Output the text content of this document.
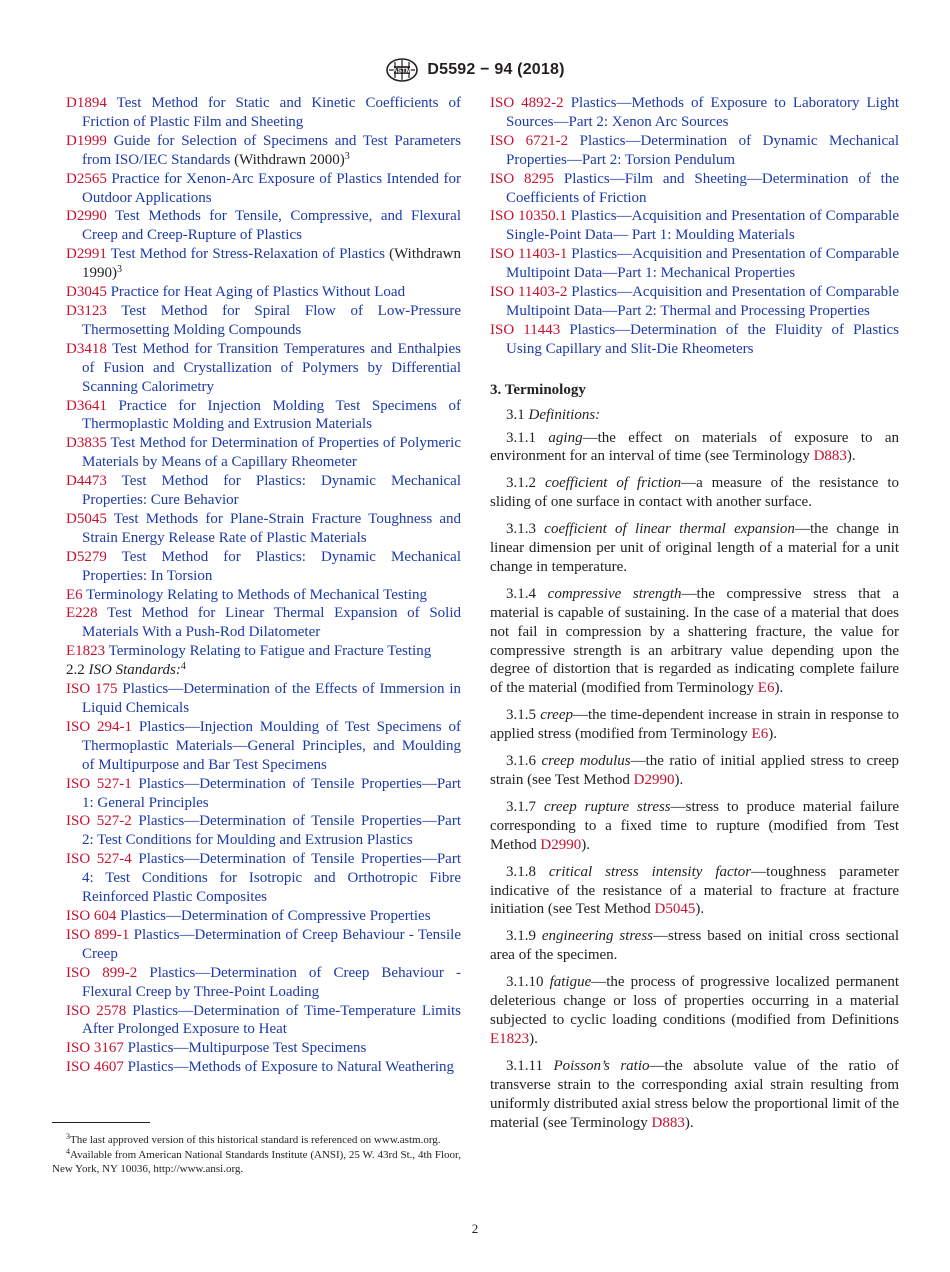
ASTM D5592 − 94 (2018)
D1894 Test Method for Static and Kinetic Coefficients of Friction of Plastic Film and Sheeting
D1999 Guide for Selection of Specimens and Test Parameters from ISO/IEC Standards (Withdrawn 2000)$^3$
D2565 Practice for Xenon-Arc Exposure of Plastics Intended for Outdoor Applications
D2990 Test Methods for Tensile, Compressive, and Flexural Creep and Creep-Rupture of Plastics
D2991 Test Method for Stress-Relaxation of Plastics (Withdrawn 1990)$^3$
D3045 Practice for Heat Aging of Plastics Without Load
D3123 Test Method for Spiral Flow of Low-Pressure Thermosetting Molding Compounds
D3418 Test Method for Transition Temperatures and Enthalpies of Fusion and Crystallization of Polymers by Differential Scanning Calorimetry
D3641 Practice for Injection Molding Test Specimens of Thermoplastic Molding and Extrusion Materials
D3835 Test Method for Determination of Properties of Polymeric Materials by Means of a Capillary Rheometer
D4473 Test Method for Plastics: Dynamic Mechanical Properties: Cure Behavior
D5045 Test Methods for Plane-Strain Fracture Toughness and Strain Energy Release Rate of Plastic Materials
D5279 Test Method for Plastics: Dynamic Mechanical Properties: In Torsion
E6 Terminology Relating to Methods of Mechanical Testing
E228 Test Method for Linear Thermal Expansion of Solid Materials With a Push-Rod Dilatometer
E1823 Terminology Relating to Fatigue and Fracture Testing
2.2 ISO Standards:$^4$
ISO 175 Plastics—Determination of the Effects of Immersion in Liquid Chemicals
ISO 294-1 Plastics—Injection Moulding of Test Specimens of Thermoplastic Materials—General Principles, and Moulding of Multipurpose and Bar Test Specimens
ISO 527-1 Plastics—Determination of Tensile Properties—Part 1: General Principles
ISO 527-2 Plastics—Determination of Tensile Properties—Part 2: Test Conditions for Moulding and Extrusion Plastics
ISO 527-4 Plastics—Determination of Tensile Properties—Part 4: Test Conditions for Isotropic and Orthotropic Fibre Reinforced Plastic Composites
ISO 604 Plastics—Determination of Compressive Properties
ISO 899-1 Plastics—Determination of Creep Behaviour - Tensile Creep
ISO 899-2 Plastics—Determination of Creep Behaviour - Flexural Creep by Three-Point Loading
ISO 2578 Plastics—Determination of Time-Temperature Limits After Prolonged Exposure to Heat
ISO 3167 Plastics—Multipurpose Test Specimens
ISO 4607 Plastics—Methods of Exposure to Natural Weathering
ISO 4892-2 Plastics—Methods of Exposure to Laboratory Light Sources—Part 2: Xenon Arc Sources
ISO 6721-2 Plastics—Determination of Dynamic Mechanical Properties—Part 2: Torsion Pendulum
ISO 8295 Plastics—Film and Sheeting—Determination of the Coefficients of Friction
ISO 10350.1 Plastics—Acquisition and Presentation of Comparable Single-Point Data— Part 1: Moulding Materials
ISO 11403-1 Plastics—Acquisition and Presentation of Comparable Multipoint Data—Part 1: Mechanical Properties
ISO 11403-2 Plastics—Acquisition and Presentation of Comparable Multipoint Data—Part 2: Thermal and Processing Properties
ISO 11443 Plastics—Determination of the Fluidity of Plastics Using Capillary and Slit-Die Rheometers
3. Terminology
3.1 Definitions:
3.1.1 aging—the effect on materials of exposure to an environment for an interval of time (see Terminology D883).
3.1.2 coefficient of friction—a measure of the resistance to sliding of one surface in contact with another surface.
3.1.3 coefficient of linear thermal expansion—the change in linear dimension per unit of original length of a material for a unit change in temperature.
3.1.4 compressive strength—the compressive stress that a material is capable of sustaining. In the case of a material that does not fail in compression by a shattering fracture, the value for compressive strength is an arbitrary value depending upon the degree of distortion that is regarded as indicating complete failure of the material (modified from Terminology E6).
3.1.5 creep—the time-dependent increase in strain in response to applied stress (modified from Terminology E6).
3.1.6 creep modulus—the ratio of initial applied stress to creep strain (see Test Method D2990).
3.1.7 creep rupture stress—stress to produce material failure corresponding to a fixed time to rupture (modified from Test Method D2990).
3.1.8 critical stress intensity factor—toughness parameter indicative of the resistance of a material to fracture at fracture initiation (see Test Method D5045).
3.1.9 engineering stress—stress based on initial cross sectional area of the specimen.
3.1.10 fatigue—the process of progressive localized permanent deleterious change or loss of properties occurring in a material subjected to cyclic loading conditions (modified from Definitions E1823).
3.1.11 Poisson’s ratio—the absolute value of the ratio of transverse strain to the corresponding axial strain resulting from uniformly distributed axial stress below the proportional limit of the material (see Terminology D883).

$^3$The last approved version of this historical standard is referenced on www.astm.org.

$^4$Available from American National Standards Institute (ANSI), 25 W. 43rd St., 4th Floor, New York, NY 10036, http://www.ansi.org.

2
